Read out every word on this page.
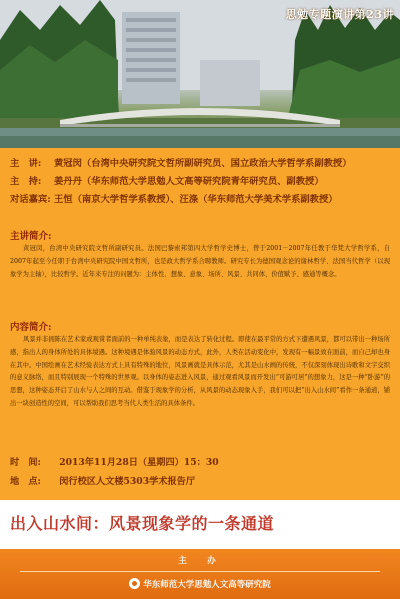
思勉专题演讲第23讲
主　讲:	黄冠闵（台湾中央研究院文哲所副研究员、国立政治大学哲学系副教授）
主　持:	姜丹丹（华东师范大学思勉人文高等研究院青年研究员、副教授）
对话嘉宾: 王恒（南京大学哲学系教授）、汪涤（华东师范大学美术学系副教授）
主讲简介:
黄冠闵，台湾中央研究院文哲所副研究员。法国巴黎索邦第四大学哲学史博士，曾于2001－2007年任教于华梵大学哲学系，自2007年起至今任职于台湾中央研究院中国文哲所，也是政大哲学系合聘教师。研究专长为德国观念论的谢林哲学、法国当代哲学（以现象学为主轴），比较哲学。近年来专注的问题为：主体性、想象、意象、场所、风景、共同体、价值赋予、感通等概念。
内容简介:
风景并非拥陈在艺术家或观赏者面前的一种单纯表象，而是表达了转化过程。即使在最平常的方式下遭遇风景，都可以带出一种场所感，指出人的身体所处的具体境遇。这种境遇是体验风景的动态方式，此外，人类在活动变化中，发现有一幅景致在面前，而自己却也身在其中。中国绘画在艺术经验表达方式上具有特殊的地位，风景画就是具体示范，尤其是山水画的传统，不仅深刻体现出诗歌和文字交织的意义脉络，而且特别展现一个特殊的世界观。以身体的姿态进入风景，通过观看风景而开发出“可游可居”的想象力，这是一种“卧游”的思想，这种姿态开启了山水与人之间的互动。借鉴于现象学的分析，从风景的动态现象入手，我们可以把“出入山水间”看作一条通道，铺出一块创造性的空间，可以帮助我们思考当代人类生活的具体条件。
时　间: 2013年11月28日（星期四）15：30
地　点: 闵行校区人文楼5303学术报告厅
出入山水间：风景现象学的一条通道
主　办
华东师范大学思勉人文高等研究院
